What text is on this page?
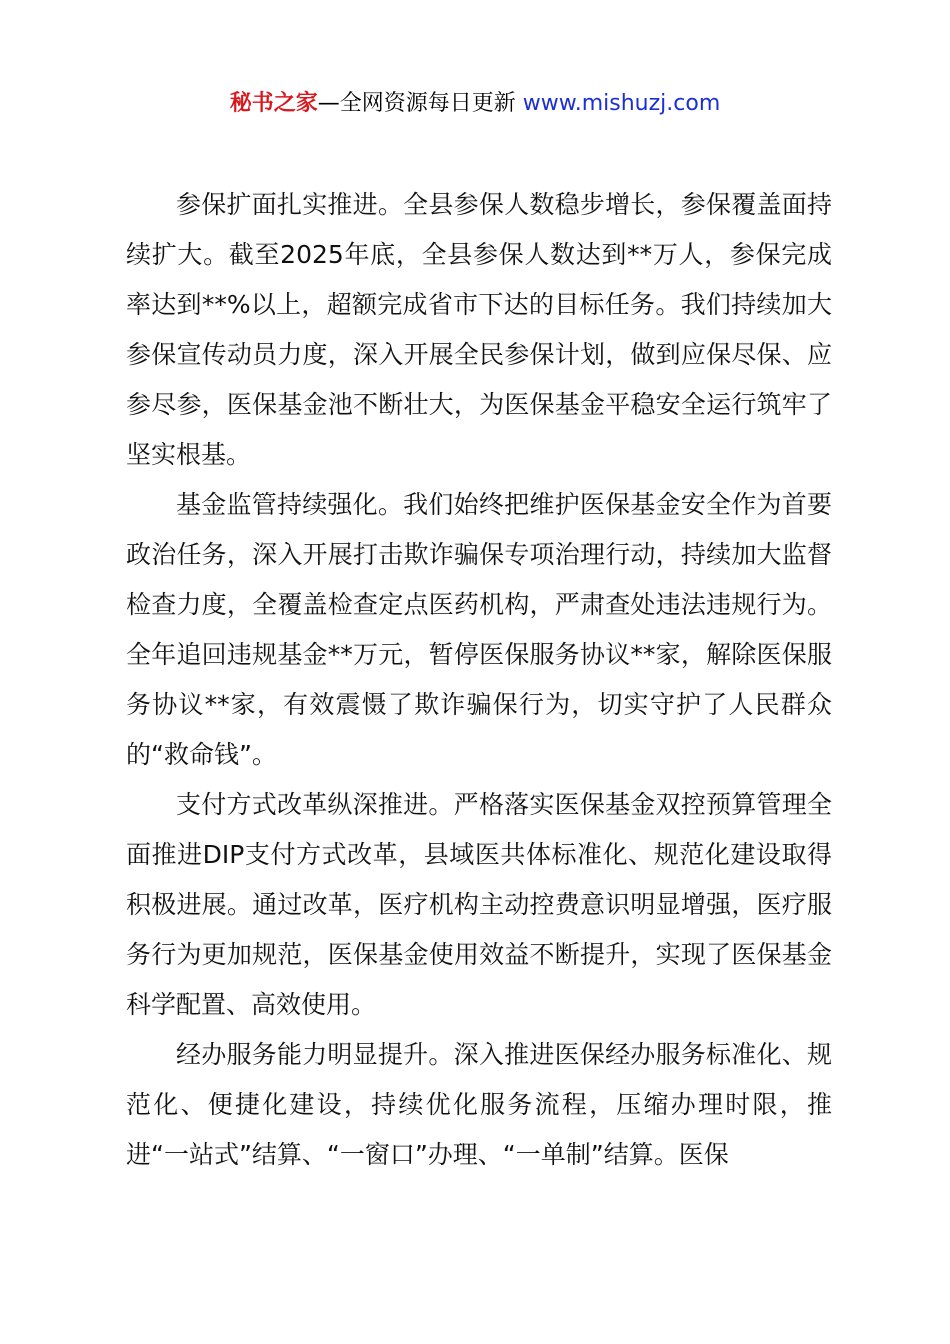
秘书之家—全网资源每日更新 www.mishuzj.com

参保扩面扎实推进。全县参保人数稳步增长，参保覆盖面持续扩大。截至2025年底，全县参保人数达到**万人，参保完成率达到**%以上，超额完成省市下达的目标任务。我们持续加大参保宣传动员力度，深入开展全民参保计划，做到应保尽保、应参尽参，医保基金池不断壮大，为医保基金平稳安全运行筑牢了坚实根基。

基金监管持续强化。我们始终把维护医保基金安全作为首要政治任务，深入开展打击欺诈骗保专项治理行动，持续加大监督检查力度，全覆盖检查定点医药机构，严肃查处违法违规行为。全年追回违规基金**万元，暂停医保服务协议**家，解除医保服务协议**家，有效震慑了欺诈骗保行为，切实守护了人民群众的“救命钱”。

支付方式改革纵深推进。严格落实医保基金双控预算管理全面推进DIP支付方式改革，县域医共体标准化、规范化建设取得积极进展。通过改革，医疗机构主动控费意识明显增强，医疗服务行为更加规范，医保基金使用效益不断提升，实现了医保基金科学配置、高效使用。

经办服务能力明显提升。深入推进医保经办服务标准化、规范化、便捷化建设，持续优化服务流程，压缩办理时限，推进“一站式”结算、“一窗口”办理、“一单制”结算。医保
